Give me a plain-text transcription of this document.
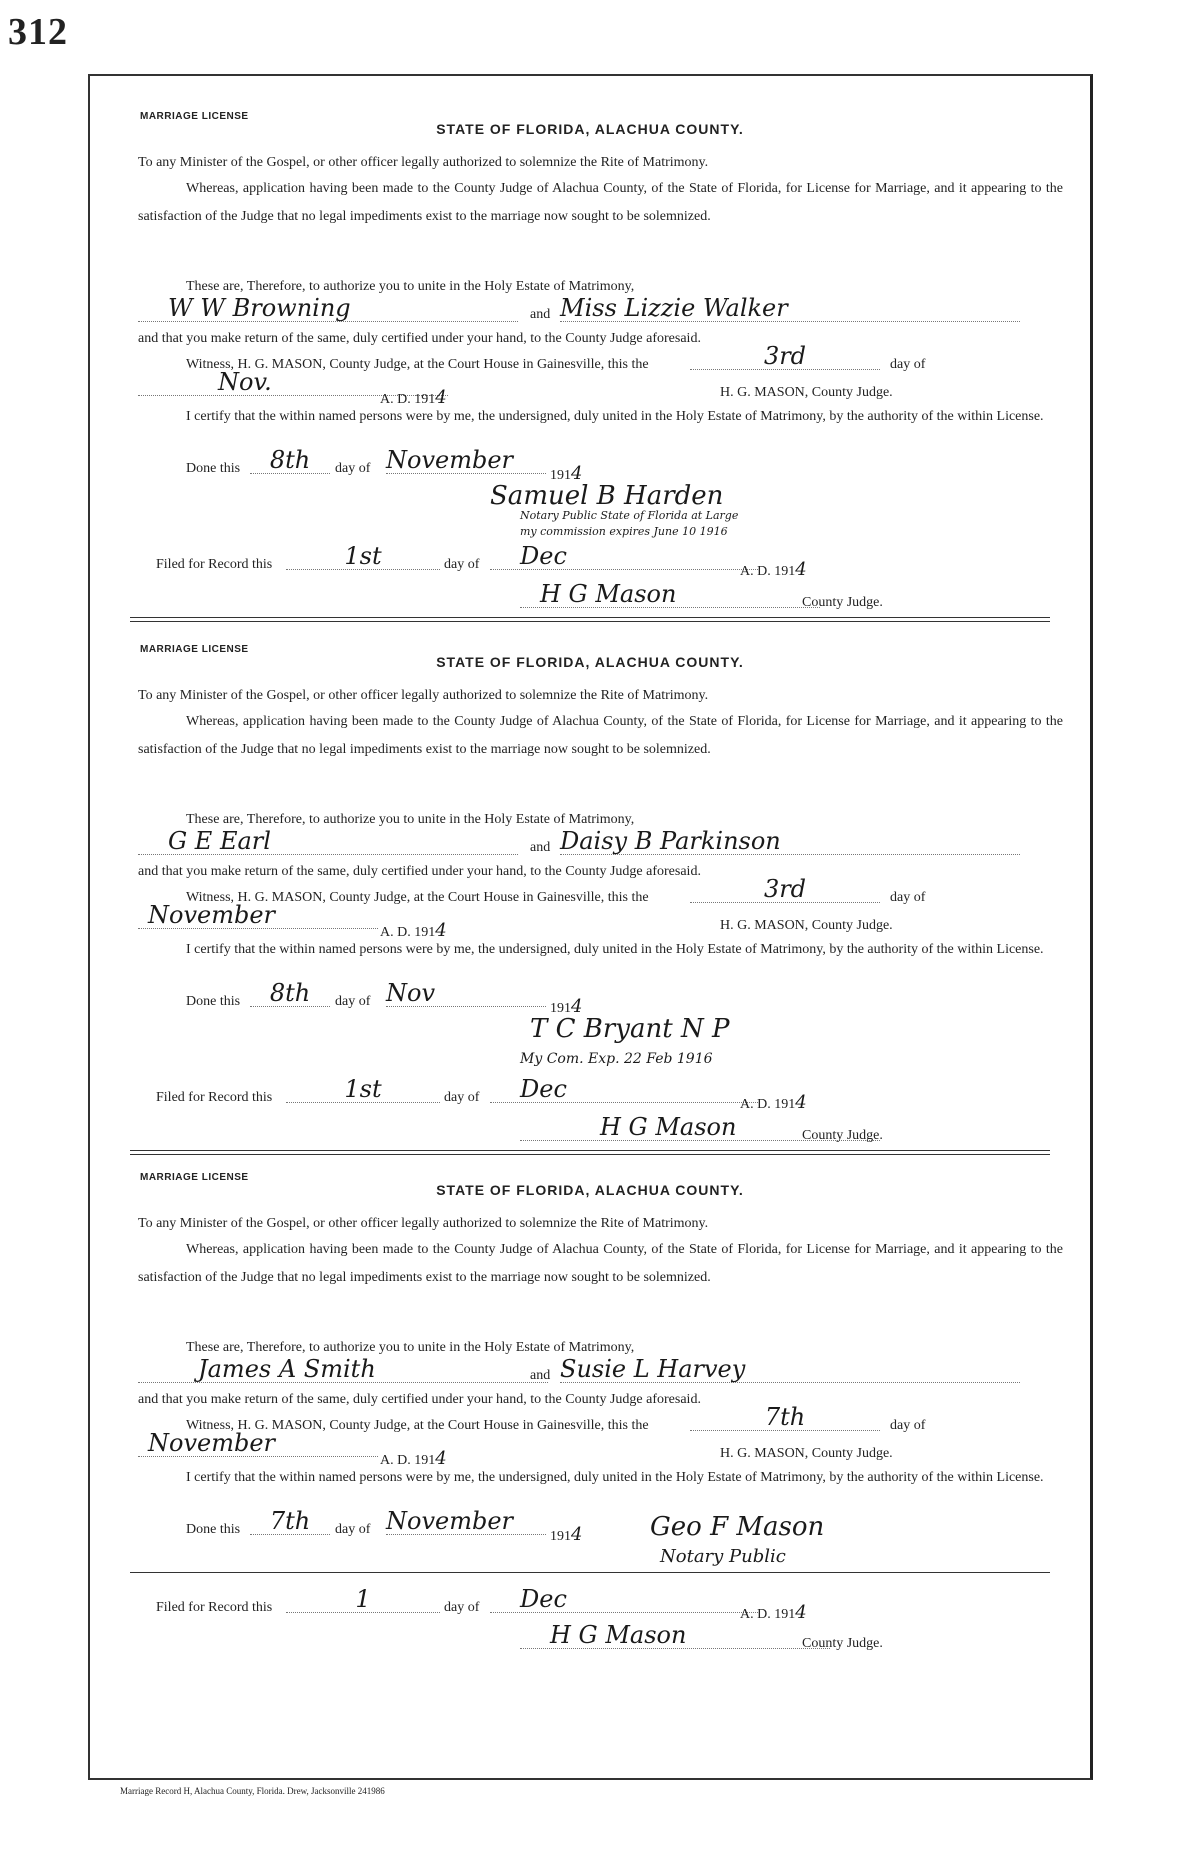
312
MARRIAGE LICENSE
STATE OF FLORIDA, ALACHUA COUNTY.
To any Minister of the Gospel, or other officer legally authorized to solemnize the Rite of Matrimony.
Whereas, application having been made to the County Judge of Alachua County, of the State of Florida, for License for Marriage, and it appearing to the satisfaction of the Judge that no legal impediments exist to the marriage now sought to be solemnized.
These are, Therefore, to authorize you to unite in the Holy Estate of Matrimony,
W W Browning	and Miss Lizzie Walker
and that you make return of the same, duly certified under your hand, to the County Judge aforesaid.
Witness, H. G. MASON, County Judge, at the Court House in Gainesville, this the	3rd	day of
Nov.
A. D. 1914	H. G. MASON, County Judge.
I certify that the within named persons were by me, the undersigned, duly united in the Holy Estate of Matrimony, by the authority of the within License.
Done this	8th	day of November
1914
Samuel B Harden
Notary Public State of Florida at Large
my commission expires June 10 1916
Filed for Record this	1st	day of	Dec
A. D. 1914
H G Mason	County Judge.
MARRIAGE LICENSE
STATE OF FLORIDA, ALACHUA COUNTY.
To any Minister of the Gospel, or other officer legally authorized to solemnize the Rite of Matrimony.
Whereas, application having been made to the County Judge of Alachua County, of the State of Florida, for License for Marriage, and it appearing to the satisfaction of the Judge that no legal impediments exist to the marriage now sought to be solemnized.
These are, Therefore, to authorize you to unite in the Holy Estate of Matrimony,
G E Earl	and Daisy B Parkinson
and that you make return of the same, duly certified under your hand, to the County Judge aforesaid.
Witness, H. G. MASON, County Judge, at the Court House in Gainesville, this the	3rd	day of
November
A. D. 1914	H. G. MASON, County Judge.
I certify that the within named persons were by me, the undersigned, duly united in the Holy Estate of Matrimony, by the authority of the within License.
Done this	8th	day of Nov
1914
T C Bryant N P
My Com. Exp. 22 Feb 1916
Filed for Record this	1st	day of	Dec
A. D. 1914
H G Mason	County Judge.
MARRIAGE LICENSE
STATE OF FLORIDA, ALACHUA COUNTY.
To any Minister of the Gospel, or other officer legally authorized to solemnize the Rite of Matrimony.
Whereas, application having been made to the County Judge of Alachua County, of the State of Florida, for License for Marriage, and it appearing to the satisfaction of the Judge that no legal impediments exist to the marriage now sought to be solemnized.
These are, Therefore, to authorize you to unite in the Holy Estate of Matrimony,
James A Smith	and Susie L Harvey
and that you make return of the same, duly certified under your hand, to the County Judge aforesaid.
Witness, H. G. MASON, County Judge, at the Court House in Gainesville, this the	7th	day of
November
A. D. 1914	H. G. MASON, County Judge.
I certify that the within named persons were by me, the undersigned, duly united in the Holy Estate of Matrimony, by the authority of the within License.
Done this	7th	day of November
1914	Geo F Mason
Notary Public
Filed for Record this	1	day of	Dec
A. D. 1914
H G Mason	County Judge.
Marriage Record H, Alachua County, Florida. Drew, Jacksonville 241986
